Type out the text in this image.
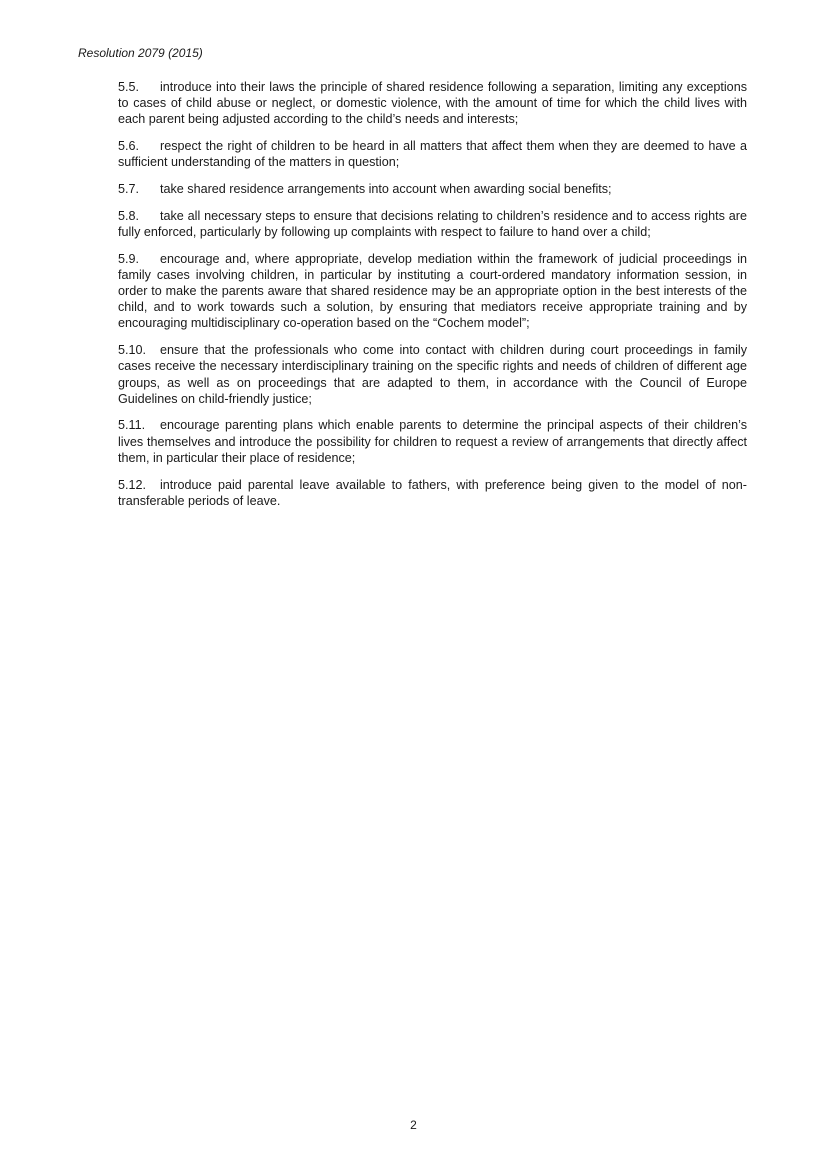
Resolution 2079 (2015)

5.5. introduce into their laws the principle of shared residence following a separation, limiting any exceptions to cases of child abuse or neglect, or domestic violence, with the amount of time for which the child lives with each parent being adjusted according to the child’s needs and interests;

5.6. respect the right of children to be heard in all matters that affect them when they are deemed to have a sufficient understanding of the matters in question;

5.7. take shared residence arrangements into account when awarding social benefits;

5.8. take all necessary steps to ensure that decisions relating to children’s residence and to access rights are fully enforced, particularly by following up complaints with respect to failure to hand over a child;

5.9. encourage and, where appropriate, develop mediation within the framework of judicial proceedings in family cases involving children, in particular by instituting a court-ordered mandatory information session, in order to make the parents aware that shared residence may be an appropriate option in the best interests of the child, and to work towards such a solution, by ensuring that mediators receive appropriate training and by encouraging multidisciplinary co-operation based on the “Cochem model”;

5.10. ensure that the professionals who come into contact with children during court proceedings in family cases receive the necessary interdisciplinary training on the specific rights and needs of children of different age groups, as well as on proceedings that are adapted to them, in accordance with the Council of Europe Guidelines on child-friendly justice;

5.11. encourage parenting plans which enable parents to determine the principal aspects of their children’s lives themselves and introduce the possibility for children to request a review of arrangements that directly affect them, in particular their place of residence;

5.12. introduce paid parental leave available to fathers, with preference being given to the model of non-transferable periods of leave.

2
